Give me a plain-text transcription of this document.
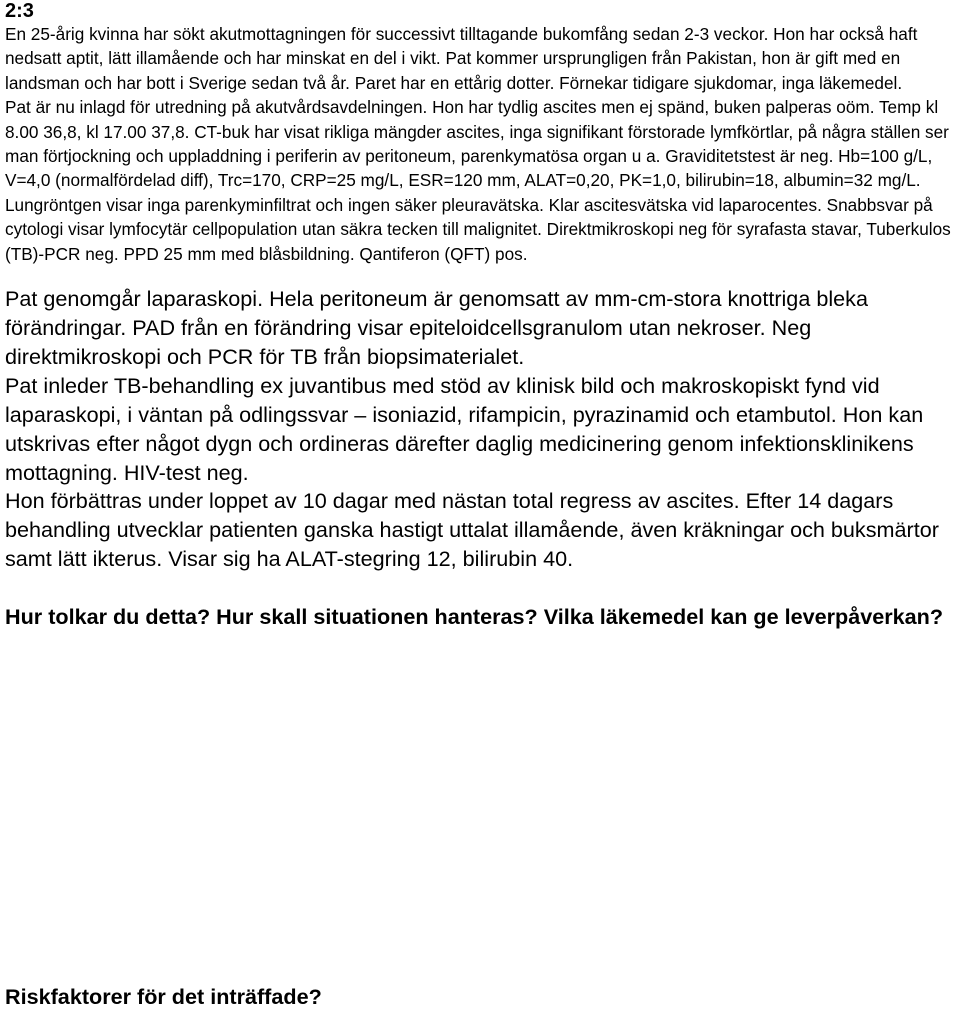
2:3

En 25-årig kvinna har sökt akutmottagningen för successivt tilltagande bukomfång sedan 2-3 veckor. Hon har också haft nedsatt aptit, lätt illamående och har minskat en del i vikt. Pat kommer ursprungligen från Pakistan, hon är gift med en landsman och har bott i Sverige sedan två år. Paret har en ettårig dotter. Förnekar tidigare sjukdomar, inga läkemedel.
Pat är nu inlagd för utredning på akutvårdsavdelningen. Hon har tydlig ascites men ej spänd, buken palperas oöm. Temp kl 8.00 36,8, kl 17.00 37,8. CT-buk har visat rikliga mängder ascites, inga signifikant förstorade lymfkörtlar, på några ställen ser man förtjockning och uppladdning i periferin av peritoneum, parenkymatösa organ u a. Graviditetstest är neg. Hb=100 g/L, V=4,0 (normalfördelad diff), Trc=170, CRP=25 mg/L, ESR=120 mm, ALAT=0,20, PK=1,0, bilirubin=18, albumin=32 mg/L. Lungröntgen visar inga parenkyminfiltrat och ingen säker pleuravätska. Klar ascitesvätska vid laparocentes. Snabbsvar på cytologi visar lymfocytär cellpopulation utan säkra tecken till malignitet. Direktmikroskopi neg för syrafasta stavar, Tuberkulos (TB)-PCR neg. PPD 25 mm med blåsbildning. Qantiferon (QFT) pos.

Pat genomgår laparaskopi. Hela peritoneum är genomsatt av mm-cm-stora knottriga bleka förändringar. PAD från en förändring visar epiteloidcellsgranulom utan nekroser. Neg direktmikroskopi och PCR för TB från biopsimaterialet.

Pat inleder TB-behandling ex juvantibus med stöd av klinisk bild och makroskopiskt fynd vid laparaskopi, i väntan på odlingssvar – isoniazid, rifampicin, pyrazinamid och etambutol. Hon kan utskrivas efter något dygn och ordineras därefter daglig medicinering genom infektionsklinikens mottagning. HIV-test neg.

Hon förbättras under loppet av 10 dagar med nästan total regress av ascites. Efter 14 dagars behandling utvecklar patienten ganska hastigt uttalat illamående, även kräkningar och buksmärtor samt lätt ikterus. Visar sig ha ALAT-stegring 12, bilirubin 40.

Hur tolkar du detta? Hur skall situationen hanteras? Vilka läkemedel kan ge leverpåverkan?

Riskfaktorer för det inträffade?
